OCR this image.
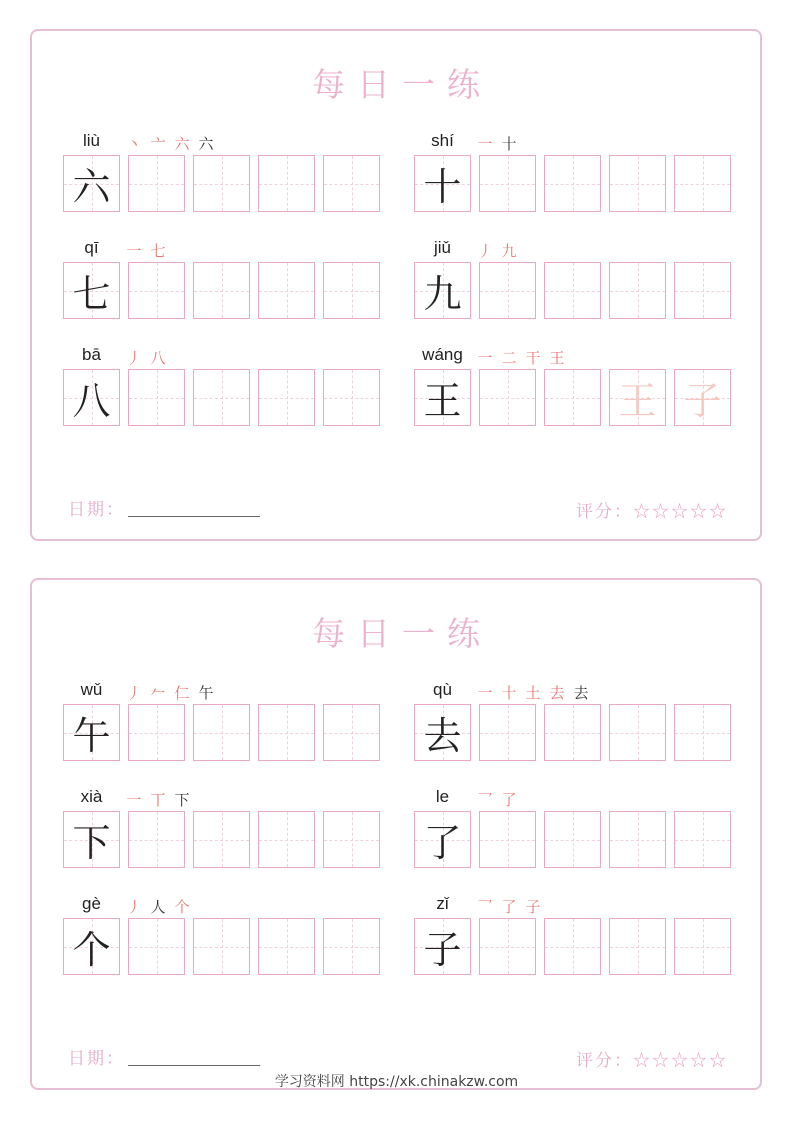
每日一练
liù	丶 亠 六 六
六
qī	一 七
七
bā	丿 八
八
shí	一 十
十
jiǔ	丿 九
九
wáng 一 二 干 王
王	王 子
日期：	评分：☆☆☆☆☆
每日一练
wǔ	丿 𠂉 仁 午
午
xià	一 丅 下
下
gè	丿 人 个
个
qù	一 十 土 去 去
去
le	乛 了
了
zǐ	乛 了 子
子
日期：	评分：☆☆☆☆☆
学习资料网 https://xk.chinakzw.com
